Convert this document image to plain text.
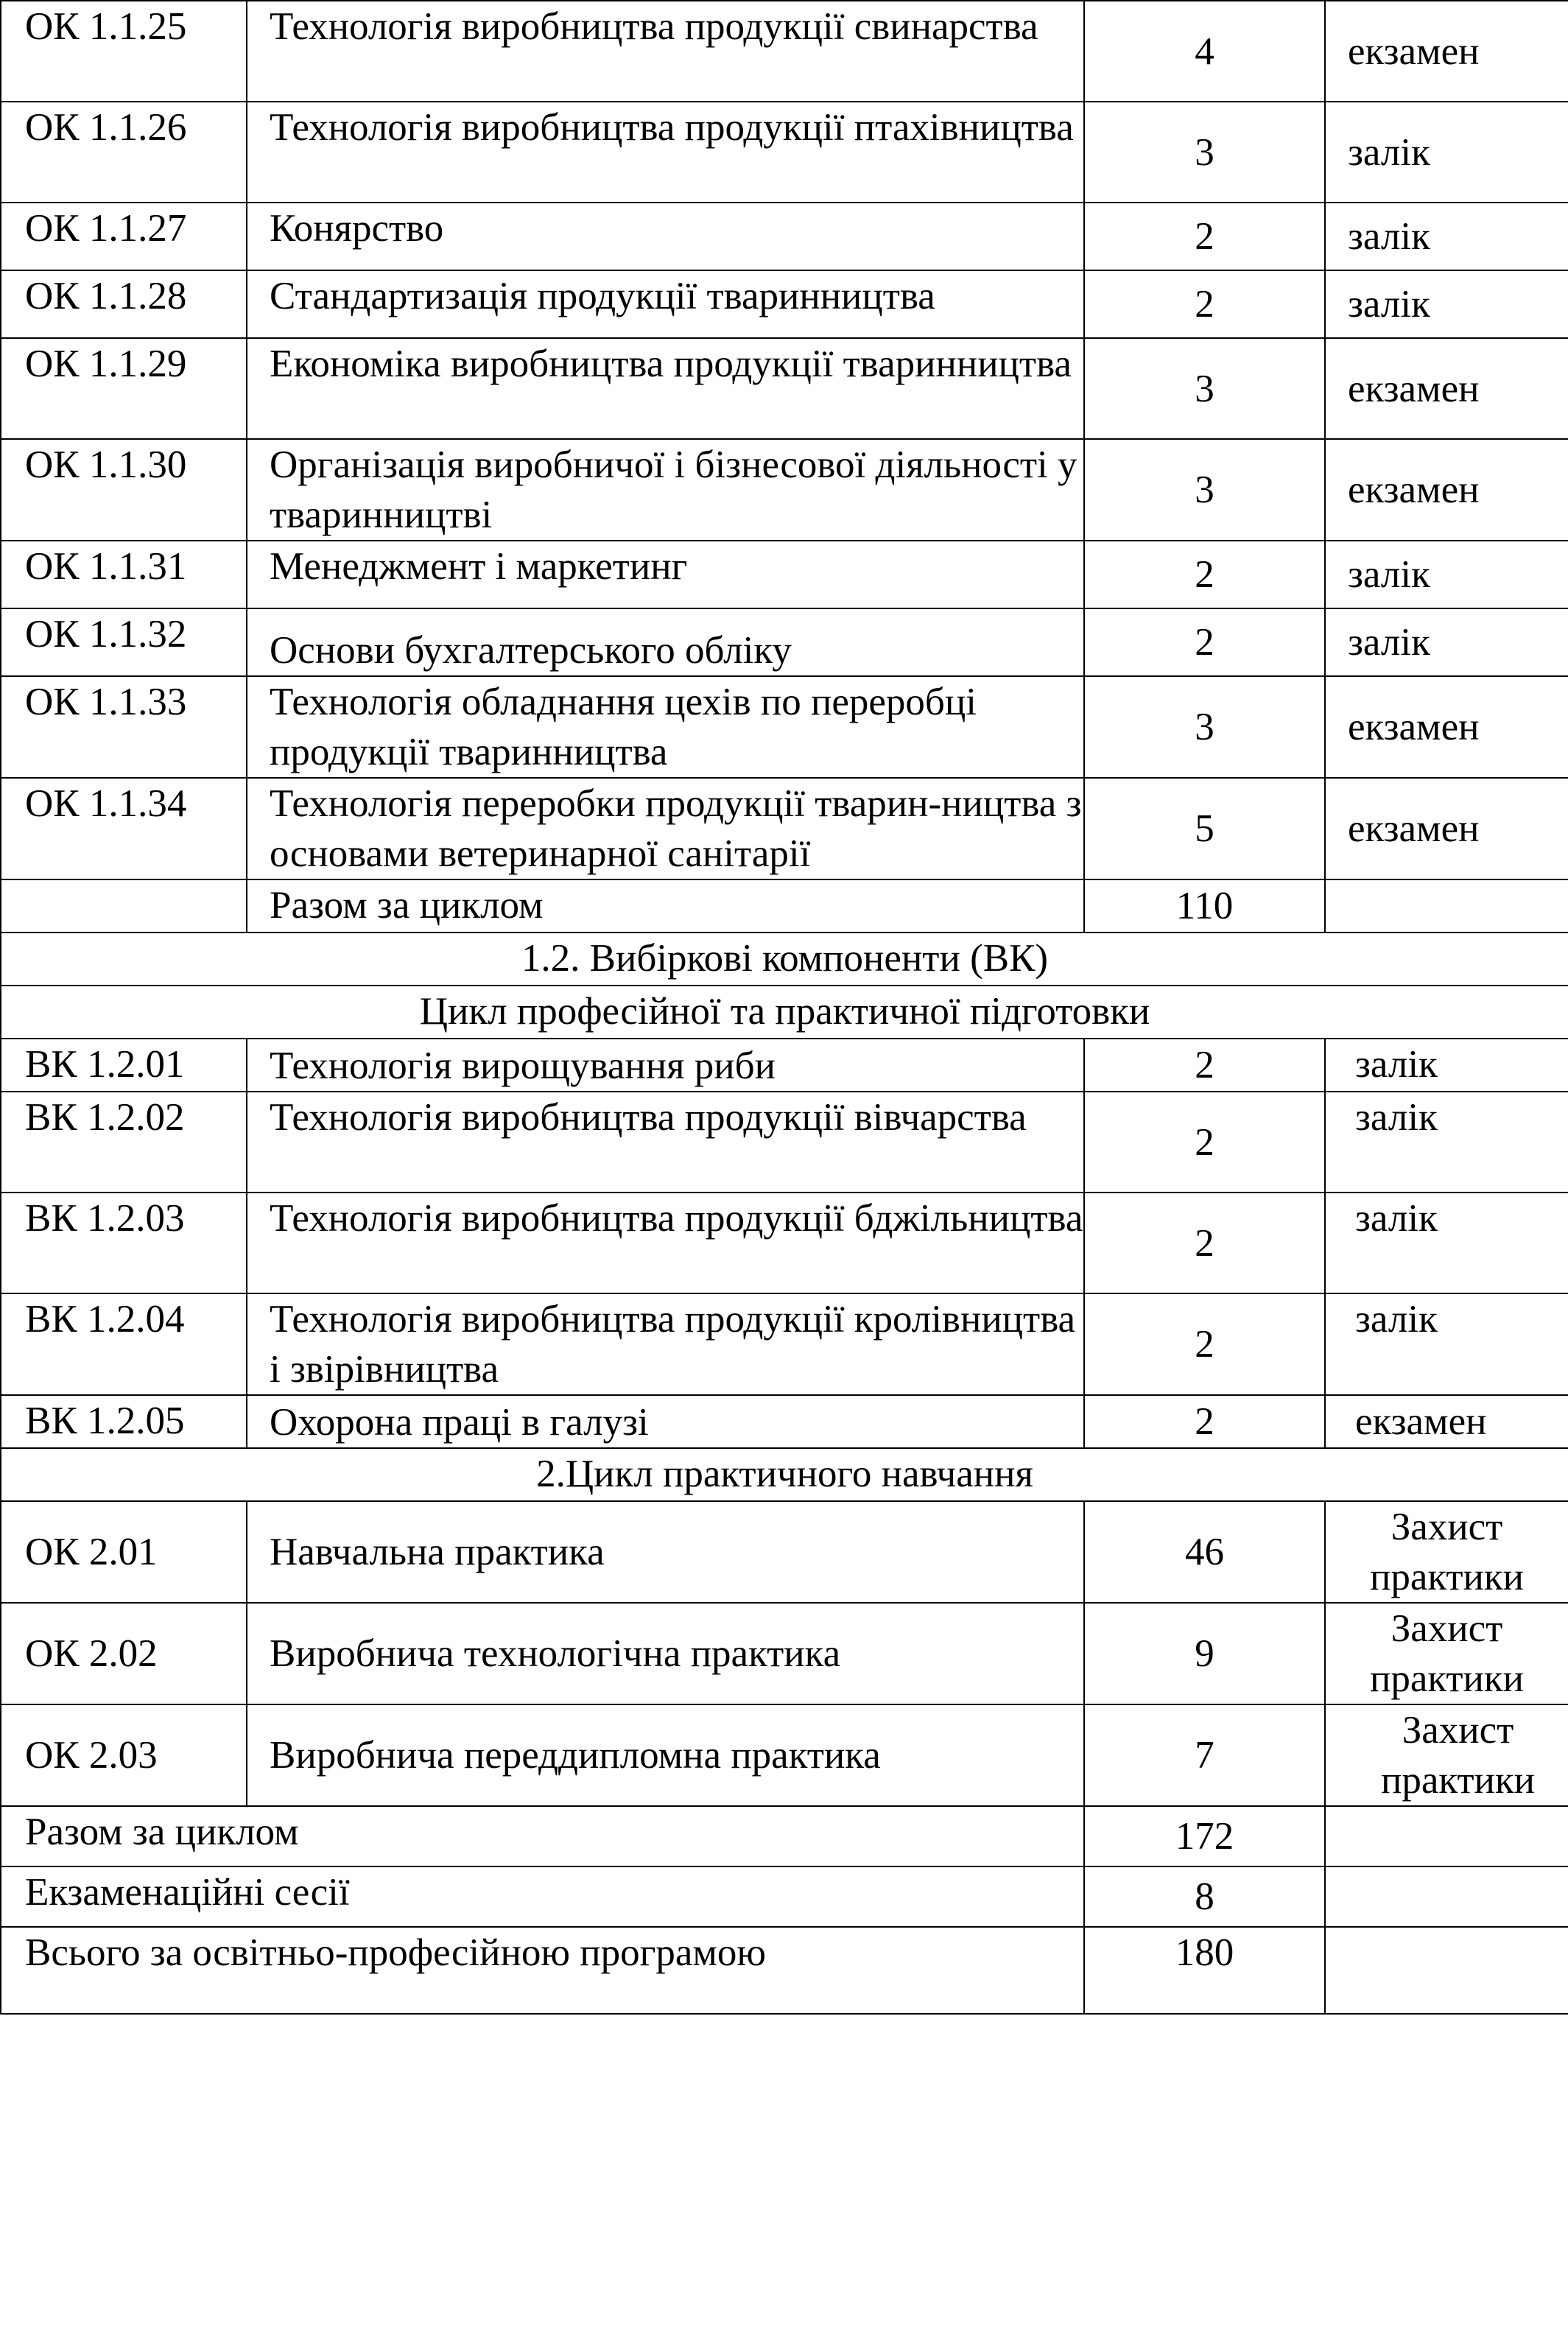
ОК 1.1.25	Технологія виробництва продукції свинарства	4	екзамен
ОК 1.1.26	Технологія виробництва продукції птахівництва	3	залік
ОК 1.1.27	Конярство	2	залік
ОК 1.1.28	Стандартизація продукції тваринництва	2	залік
ОК 1.1.29	Економіка виробництва продукції тваринництва	3	екзамен
ОК 1.1.30	Організація виробничої і бізнесової діяльності у тваринництві	3	екзамен
ОК 1.1.31	Менеджмент і маркетинг	2	залік
ОК 1.1.32	Основи бухгалтерського обліку	2	залік
ОК 1.1.33	Технологія обладнання цехів по переробці продукції тваринництва	3	екзамен
ОК 1.1.34	Технологія переробки продукції тварин-ництва з основами ветеринарної санітарії	5	екзамен
	Разом за циклом	110	
1.2. Вибіркові компоненти (ВК)			
Цикл професійної та практичної підготовки			
ВК 1.2.01	Технологія вирощування риби	2	залік
ВК 1.2.02	Технологія виробництва продукції вівчарства	2	залік
ВК 1.2.03	Технологія виробництва продукції бджільництва	2	залік
ВК 1.2.04	Технологія виробництва продукції кролівництва і звірівництва	2	залік
ВК 1.2.05	Охорона праці в галузі	2	екзамен
2.Цикл практичного навчання			
ОК 2.01	Навчальна практика	46	Захист практики
ОК 2.02	Виробнича технологічна практика	9	Захист практики
ОК 2.03	Виробнича переддипломна практика	7	Захист практики
Разом за циклом		172	
Екзаменаційні сесії		8	
Всього за освітньо-професійною програмою		180	
